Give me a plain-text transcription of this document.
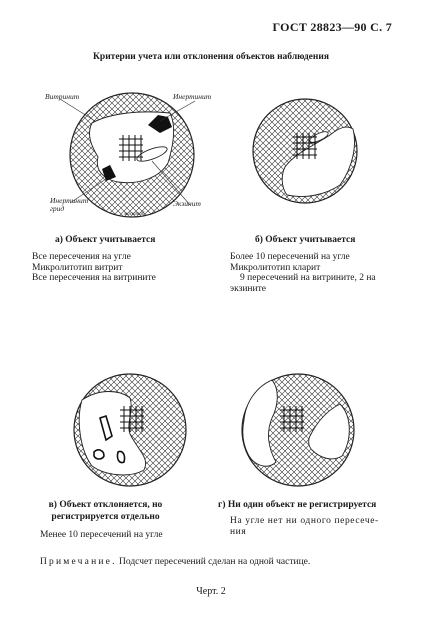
ГОСТ 28823—90 С. 7
Критерии учета или отклонения объектов наблюдения
Витринит	Инертинит
Инертинит
грид
Экзинит
масштаб
а) Объект учитывается	б) Объект учитывается
Все пересечения на угле
Микролитотип витрит
Все пересечения на витрините
Более 10 пересечений на угле
Микролитотип кларит
9 пересечений на витрините, 2 на
экзините
в) Объект отклоняется, но
регистрируется отдельно
г) Ни один объект не регистрируется
Менее 10 пересечений на угле
На угле нет ни одного пересече-
ния
Примечание. Подсчет пересечений сделан на одной частице.
Черт. 2
